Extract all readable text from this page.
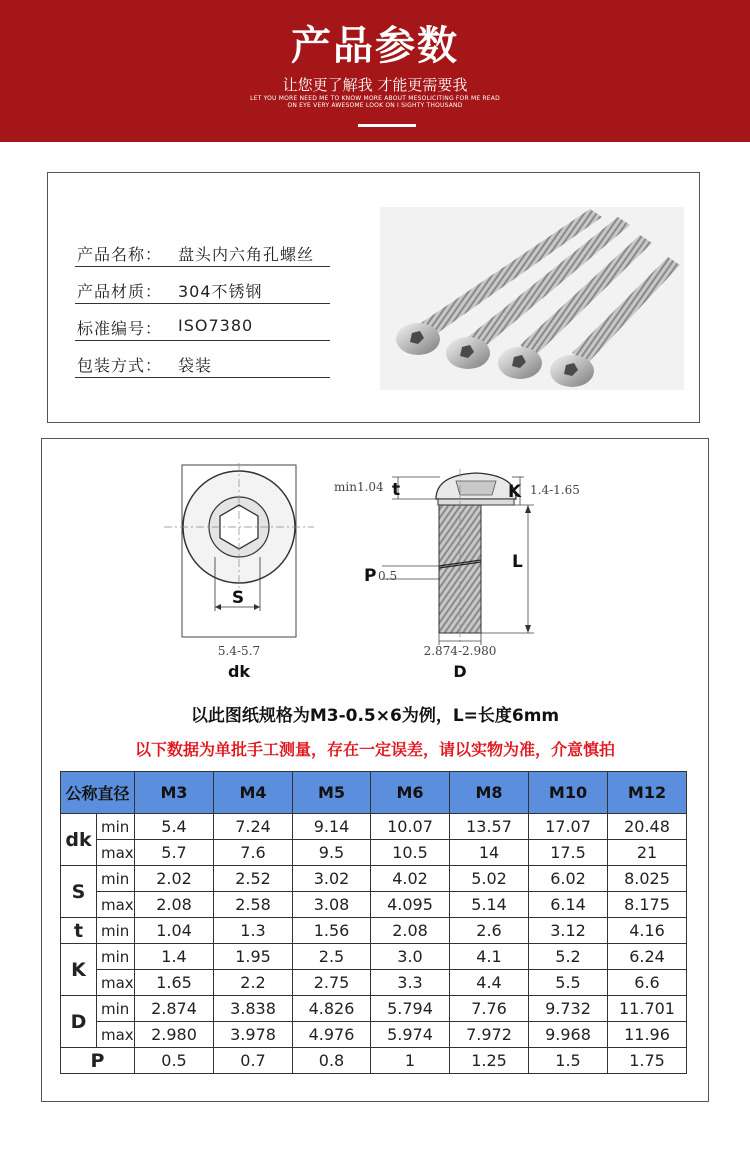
产品参数
让您更了解我 才能更需要我
LET YOU MORE NEED ME TO KNOW MORE ABOUT MESOLICITING FOR ME READ
ON EYE VERY AWESOME LOOK ON I SIGHTY THOUSAND
产品名称： 盘头内六角孔螺丝
产品材质： 304不锈钢
标准编号： ISO7380
包装方式： 袋装
S
5.4-5.7
dk
min1.04 t	K 1.4-1.65
L
P 0.5
2.874-2.980
D
以此图纸规格为M3-0.5×6为例，L=长度6mm
以下数据为单批手工测量，存在一定误差，请以实物为准，介意慎拍
公称直径		M3	M4	M5	M6	M8	M10	M12
dk	min	5.4	7.24	9.14	10.07	13.57	17.07	20.48
	max	5.7	7.6	9.5	10.5	14	17.5	21
S	min	2.02	2.52	3.02	4.02	5.02	6.02	8.025
	max	2.08	2.58	3.08	4.095	5.14	6.14	8.175
t	min	1.04	1.3	1.56	2.08	2.6	3.12	4.16
K	min	1.4	1.95	2.5	3.0	4.1	5.2	6.24
	max	1.65	2.2	2.75	3.3	4.4	5.5	6.6
D	min	2.874	3.838	4.826	5.794	7.76	9.732	11.701
	max	2.980	3.978	4.976	5.974	7.972	9.968	11.96
P		0.5	0.7	0.8	1	1.25	1.5	1.75
